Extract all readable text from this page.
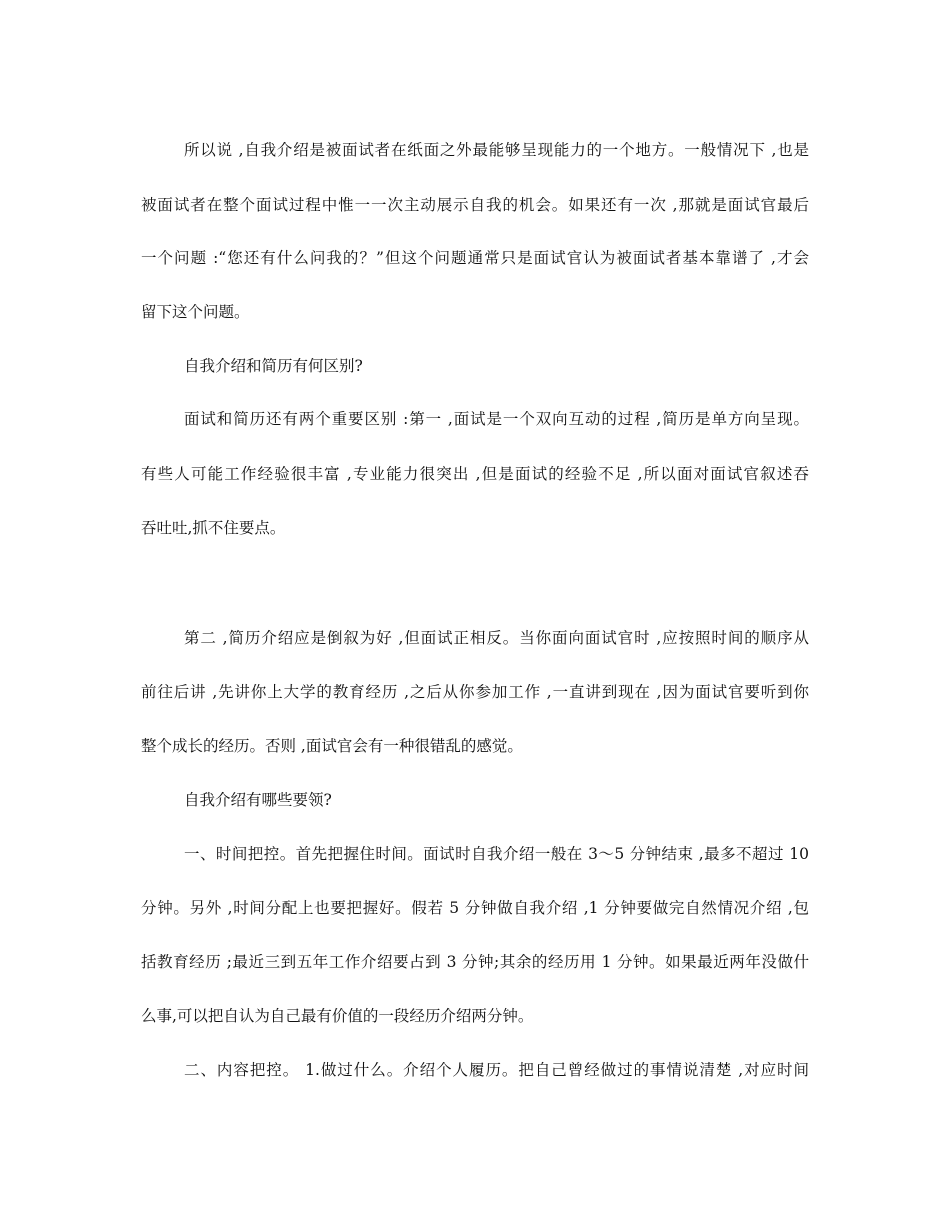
所以说 ,自我介绍是被面试者在纸面之外最能够呈现能力的一个地方。一般情况下 ,也是
被面试者在整个面试过程中惟一一次主动展示自我的机会。如果还有一次 ,那就是面试官最后
一个问题 :“您还有什么问我的？”但这个问题通常只是面试官认为被面试者基本靠谱了 ,才会
留下这个问题。
自我介绍和简历有何区别?
面试和简历还有两个重要区别 :第一 ,面试是一个双向互动的过程 ,简历是单方向呈现。
有些人可能工作经验很丰富 ,专业能力很突出 ,但是面试的经验不足 ,所以面对面试官叙述吞
吞吐吐,抓不住要点。
第二 ,简历介绍应是倒叙为好 ,但面试正相反。当你面向面试官时 ,应按照时间的顺序从
前往后讲 ,先讲你上大学的教育经历 ,之后从你参加工作 ,一直讲到现在 ,因为面试官要听到你
整个成长的经历。否则 ,面试官会有一种很错乱的感觉。
自我介绍有哪些要领?
一、时间把控。首先把握住时间。面试时自我介绍一般在 3～5 分钟结束 ,最多不超过 10
分钟。另外 ,时间分配上也要把握好。假若 5 分钟做自我介绍 ,1 分钟要做完自然情况介绍 ,包
括教育经历 ;最近三到五年工作介绍要占到 3 分钟;其余的经历用 1 分钟。如果最近两年没做什
么事,可以把自认为自己最有价值的一段经历介绍两分钟。
二、内容把控。 1.做过什么。介绍个人履历。把自己曾经做过的事情说清楚 ,对应时间
